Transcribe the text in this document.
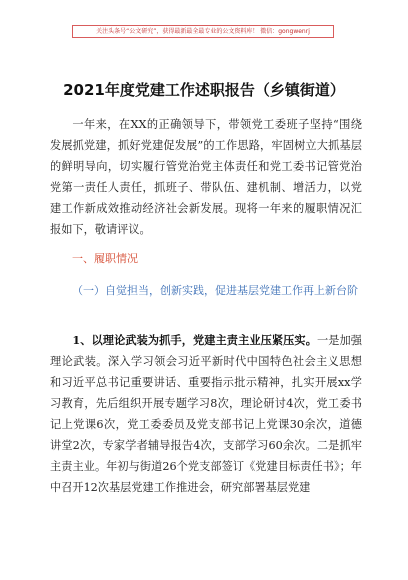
关注头条号“公文研究”，获得最新最全最专业的公文资料库！ 微信：gongwenrj
2021年度党建工作述职报告（乡镇街道）
一年来，在XX的正确领导下，带领党工委班子坚持“围绕发展抓党建，抓好党建促发展”的工作思路，牢固树立大抓基层的鲜明导向，切实履行管党治党主体责任和党工委书记管党治党第一责任人责任，抓班子、带队伍、建机制、增活力，以党建工作新成效推动经济社会新发展。现将一年来的履职情况汇报如下，敬请评议。
一、履职情况
（一）自觉担当，创新实践，促进基层党建工作再上新台阶
1、以理论武装为抓手，党建主责主业压紧压实。一是加强理论武装。深入学习领会习近平新时代中国特色社会主义思想和习近平总书记重要讲话、重要指示批示精神，扎实开展xx学习教育，先后组织开展专题学习8次，理论研讨4次，党工委书记上党课6次，党工委委员及党支部书记上党课30余次，道德讲堂2次，专家学者辅导报告4次，支部学习60余次。二是抓牢主责主业。年初与街道26个党支部签订《党建目标责任书》；年中召开12次基层党建工作推进会，研究部署基层党建
